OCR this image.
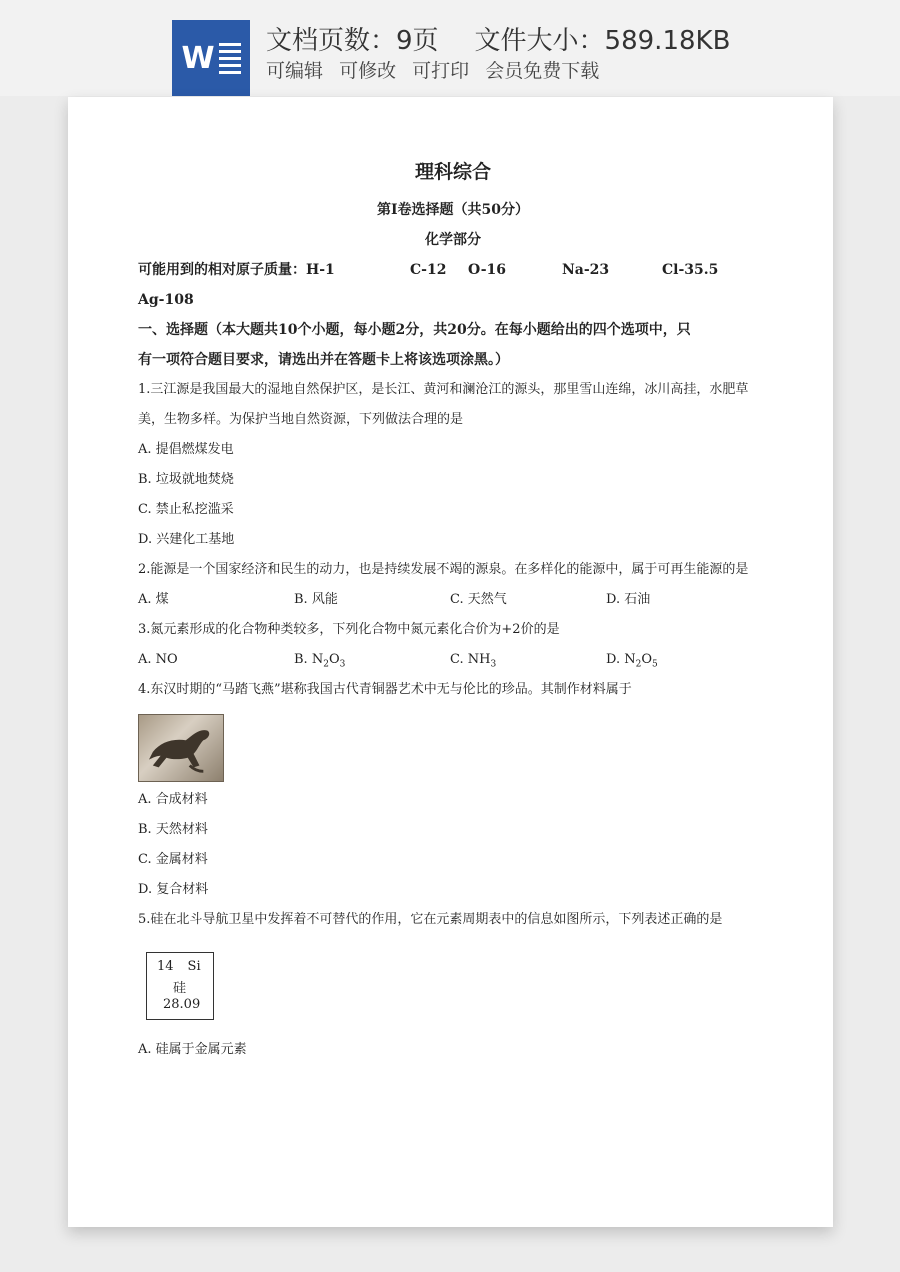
W 文档页数：9页 文件大小：589.18KB
可编辑 可修改 可打印 会员免费下载
理科综合
第Ⅰ卷选择题（共50分）
化学部分
可能用到的相对原子质量：H-1	C-12 O-16	Na-23	Cl-35.5
Ag-108
一、选择题（本大题共10个小题，每小题2分，共20分。在每小题给出的四个选项中，只
有一项符合题目要求，请选出并在答题卡上将该选项涂黑。）
1.三江源是我国最大的湿地自然保护区，是长江、黄河和澜沧江的源头，那里雪山连绵，冰川高挂，水肥草
美，生物多样。为保护当地自然资源，下列做法合理的是
A. 提倡燃煤发电
B. 垃圾就地焚烧
C. 禁止私挖滥采
D. 兴建化工基地
2.能源是一个国家经济和民生的动力，也是持续发展不竭的源泉。在多样化的能源中，属于可再生能源的是
A. 煤	B. 风能	C. 天然气	D. 石油
3.氮元素形成的化合物种类较多，下列化合物中氮元素化合价为+2价的是
A. NO	B. $N_2O_3$	C. $NH_3$	D. $N_2O_5$
4.东汉时期的“马踏飞燕”堪称我国古代青铜器艺术中无与伦比的珍品。其制作材料属于
A. 合成材料
B. 天然材料
C. 金属材料
D. 复合材料
5.硅在北斗导航卫星中发挥着不可替代的作用，它在元素周期表中的信息如图所示，下列表述正确的是
A. 硅属于金属元素
14 Si
硅
28.09
